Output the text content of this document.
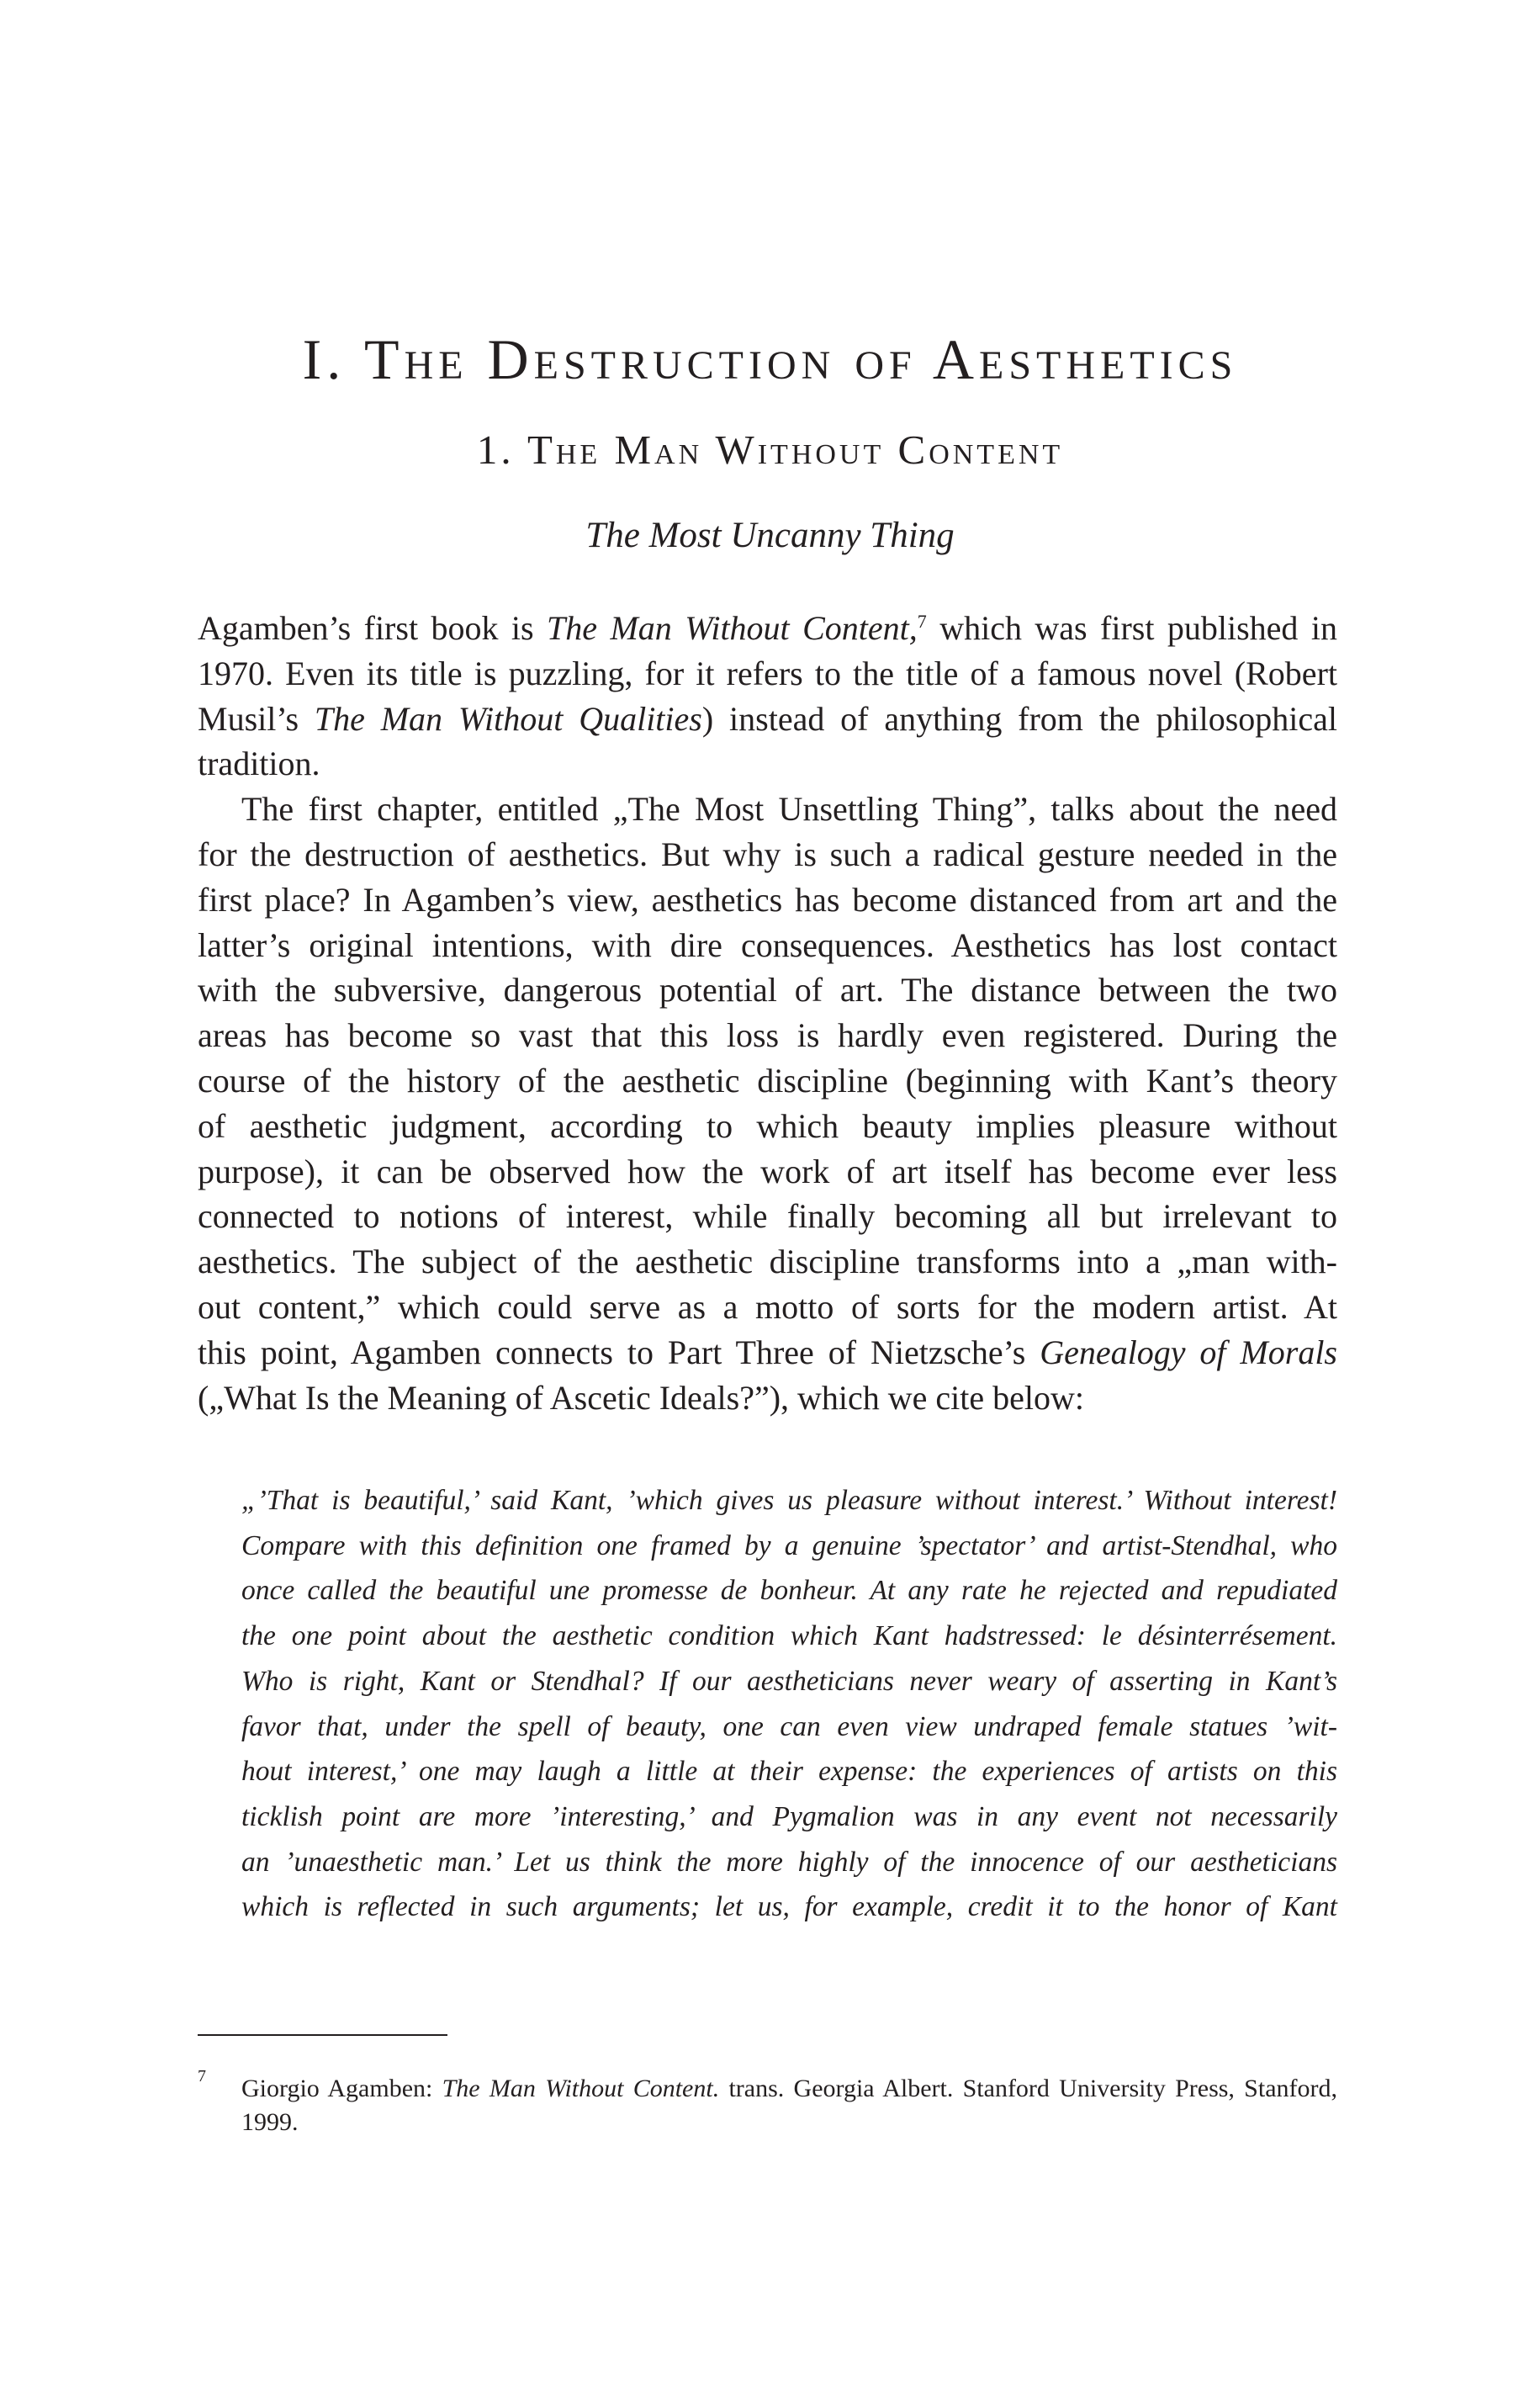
I. The Destruction of Aesthetics
1. The Man Without Content
The Most Uncanny Thing
Agamben’s first book is The Man Without Content,$^7$ which was first published in
1970. Even its title is puzzling, for it refers to the title of a famous novel (Robert
Musil’s The Man Without Qualities) instead of anything from the philosophical
tradition.
The first chapter, entitled „The Most Unsettling Thing”, talks about the need
for the destruction of aesthetics. But why is such a radical gesture needed in the
first place? In Agamben’s view, aesthetics has become distanced from art and the
latter’s original intentions, with dire consequences. Aesthetics has lost contact
with the subversive, dangerous potential of art. The distance between the two
areas has become so vast that this loss is hardly even registered. During the
course of the history of the aesthetic discipline (beginning with Kant’s theory
of aesthetic judgment, according to which beauty implies pleasure without
purpose), it can be observed how the work of art itself has become ever less
connected to notions of interest, while finally becoming all but irrelevant to
aesthetics. The subject of the aesthetic discipline transforms into a „man with-
out content,” which could serve as a motto of sorts for the modern artist. At
this point, Agamben connects to Part Three of Nietzsche’s Genealogy of Morals
(„What Is the Meaning of Ascetic Ideals?”), which we cite below:
„’That is beautiful,’ said Kant, ’which gives us pleasure without interest.’ Without interest!
Compare with this definition one framed by a genuine ’spectator’ and artist-Stendhal, who
once called the beautiful une promesse de bonheur. At any rate he rejected and repudiated
the one point about the aesthetic condition which Kant hadstressed: le désinterrésement.
Who is right, Kant or Stendhal? If our aestheticians never weary of asserting in Kant’s
favor that, under the spell of beauty, one can even view undraped female statues ’wit-
hout interest,’ one may laugh a little at their expense: the experiences of artists on this
ticklish point are more ’interesting,’ and Pygmalion was in any event not necessarily
an ’unaesthetic man.’ Let us think the more highly of the innocence of our aestheticians
which is reflected in such arguments; let us, for example, credit it to the honor of Kant
7 Giorgio Agamben: The Man Without Content. trans. Georgia Albert. Stanford University Press, Stanford,
1999.
